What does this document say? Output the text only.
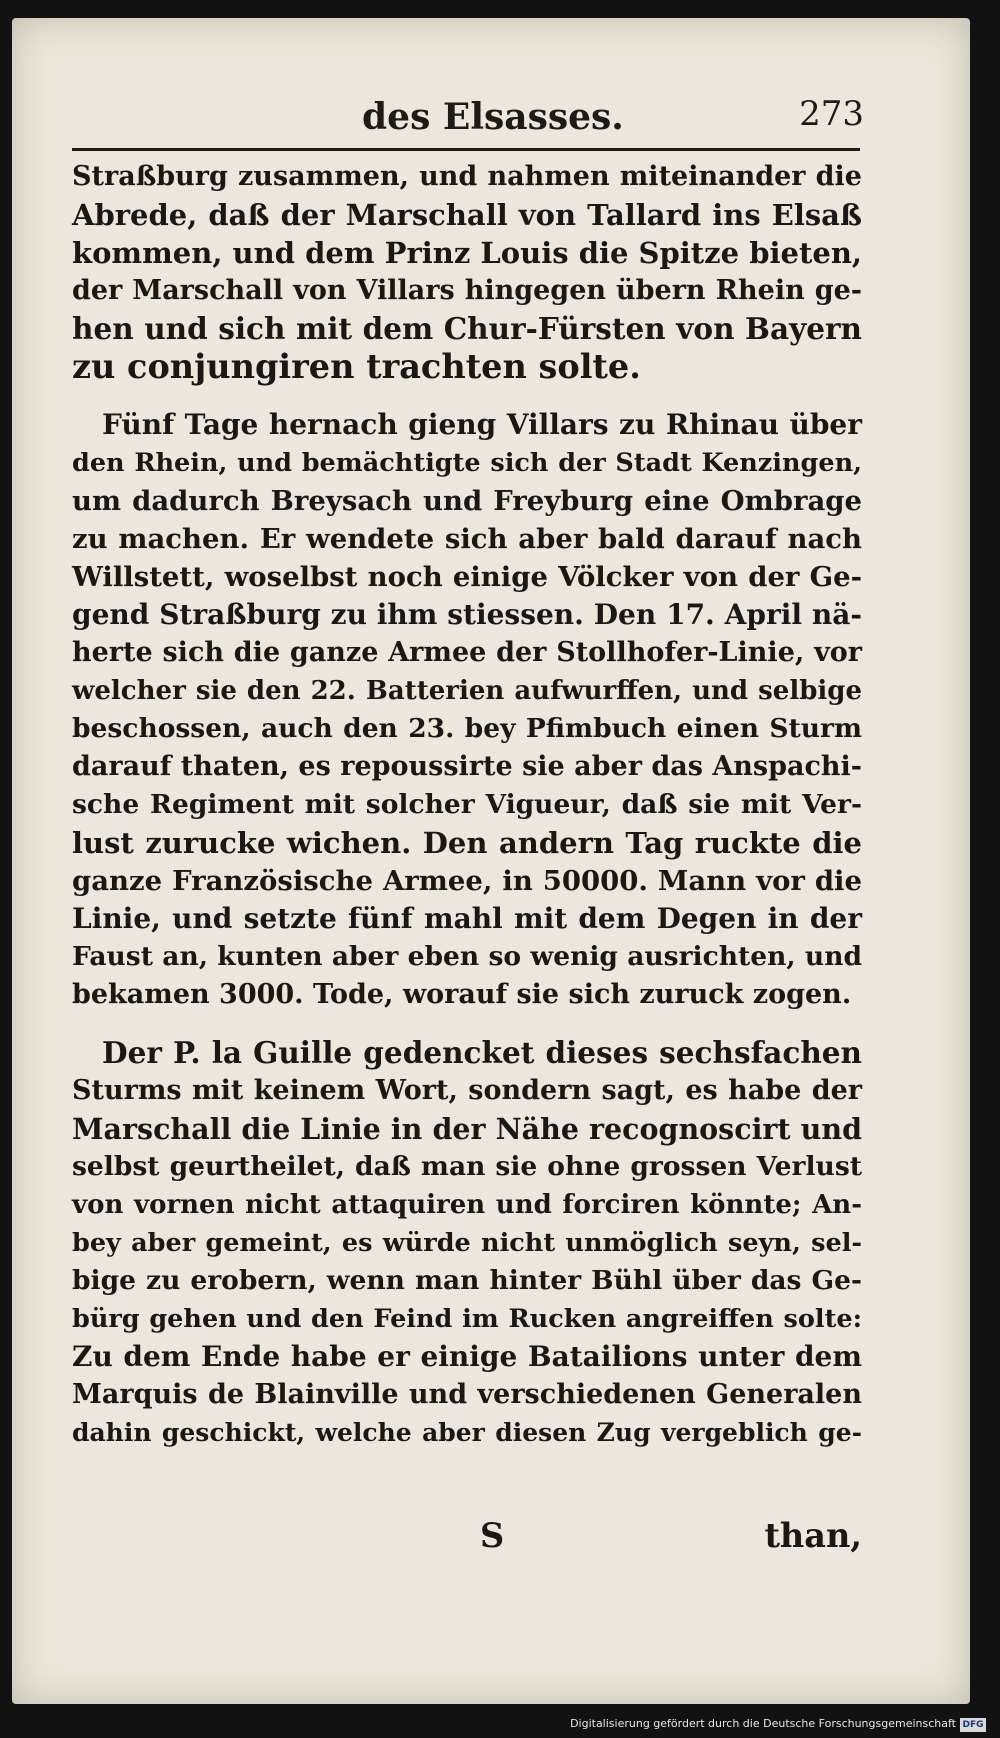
des Elsasses.	273

Straßburg zusammen, und nahmen miteinander die

Abrede, daß der Marschall von Tallard ins Elsaß

kommen, und dem Prinz Louis die Spitze bieten,

der Marschall von Villars hingegen übern Rhein ge-

hen und sich mit dem Chur-Fürsten von Bayern

zu conjungiren trachten solte.

Fünf Tage hernach gieng Villars zu Rhinau über

den Rhein, und bemächtigte sich der Stadt Kenzingen,

um dadurch Breysach und Freyburg eine Ombrage

zu machen. Er wendete sich aber bald darauf nach

Willstett, woselbst noch einige Völcker von der Ge-

gend Straßburg zu ihm stiessen. Den 17. April nä-

herte sich die ganze Armee der Stollhofer-Linie, vor

welcher sie den 22. Batterien aufwurffen, und selbige

beschossen, auch den 23. bey Pfimbuch einen Sturm

darauf thaten, es repoussirte sie aber das Anspachi-

sche Regiment mit solcher Vigueur, daß sie mit Ver-

lust zurucke wichen. Den andern Tag ruckte die

ganze Französische Armee, in 50000. Mann vor die

Linie, und setzte fünf mahl mit dem Degen in der

Faust an, kunten aber eben so wenig ausrichten, und

bekamen 3000. Tode, worauf sie sich zuruck zogen.

Der P. la Guille gedencket dieses sechsfachen

Sturms mit keinem Wort, sondern sagt, es habe der

Marschall die Linie in der Nähe recognoscirt und

selbst geurtheilet, daß man sie ohne grossen Verlust

von vornen nicht attaquiren und forciren könnte; An-

bey aber gemeint, es würde nicht unmöglich seyn, sel-

bige zu erobern, wenn man hinter Bühl über das Ge-

bürg gehen und den Feind im Rucken angreiffen solte:

Zu dem Ende habe er einige Batailions unter dem

Marquis de Blainville und verschiedenen Generalen

dahin geschickt, welche aber diesen Zug vergeblich ge-

S	than,
Digitalisierung gefördert durch die Deutsche Forschungsgemeinschaft DFG
